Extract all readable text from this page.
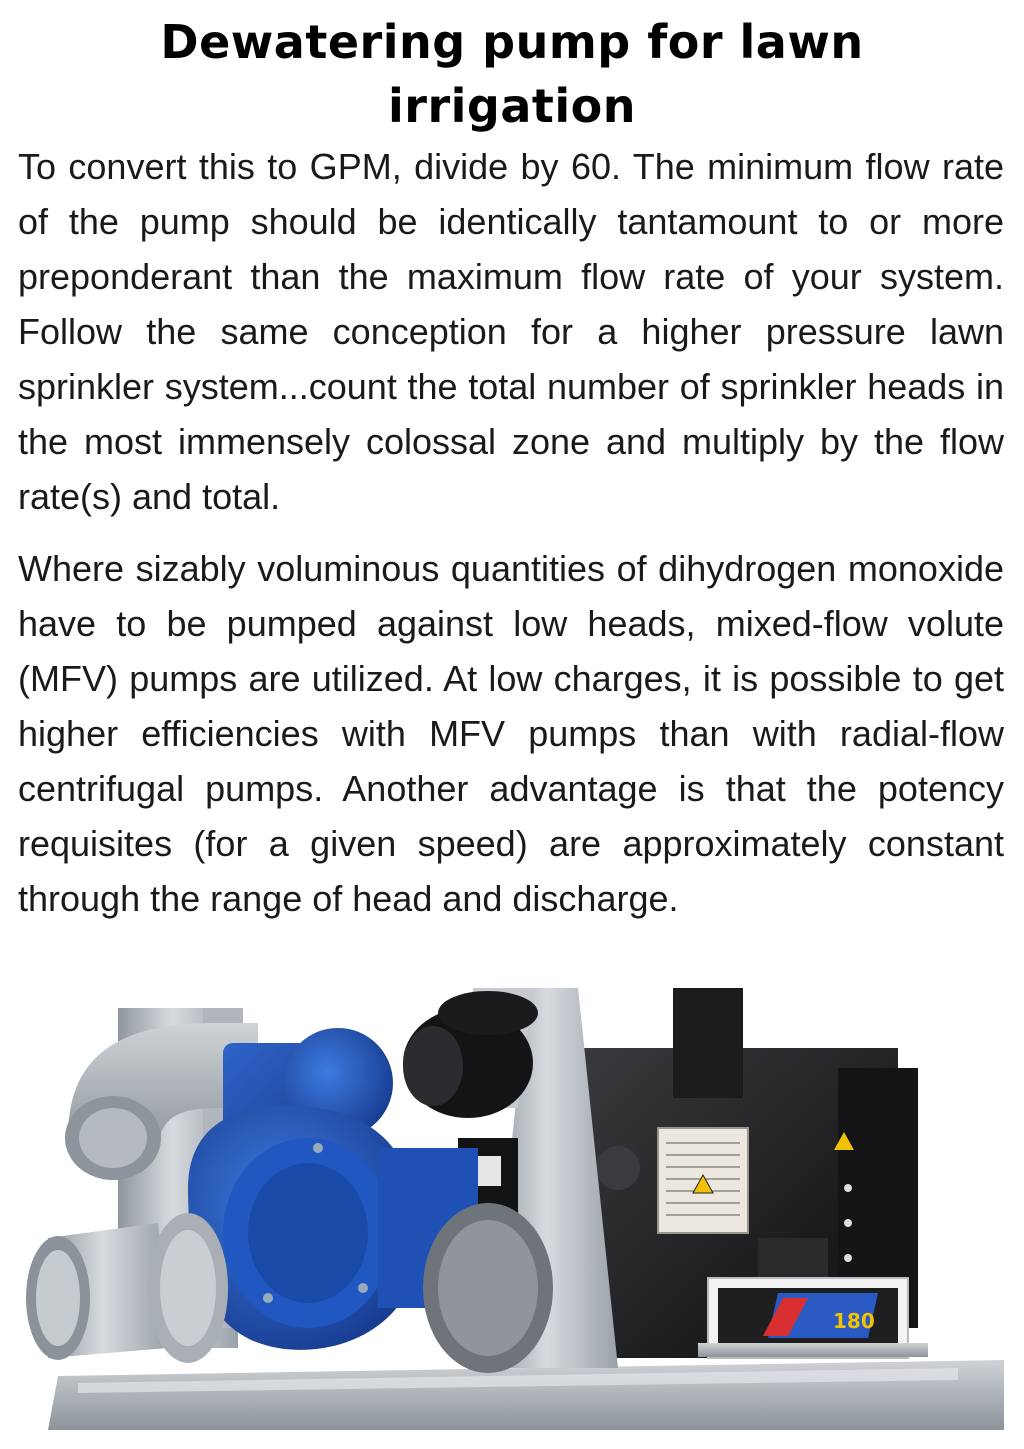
Dewatering pump for lawn irrigation

To convert this to GPM, divide by 60. The minimum flow rate of the pump should be identically tantamount to or more preponderant than the maximum flow rate of your system. Follow the same conception for a higher pressure lawn sprinkler system...count the total number of sprinkler heads in the most immensely colossal zone and multiply by the flow rate(s) and total.

Where sizably voluminous quantities of dihydrogen monoxide have to be pumped against low heads, mixed-flow volute (MFV) pumps are utilized. At low charges, it is possible to get higher efficiencies with MFV pumps than with radial-flow centrifugal pumps. Another advantage is that the potency requisites (for a given speed) are approximately constant through the range of head and discharge.

180
